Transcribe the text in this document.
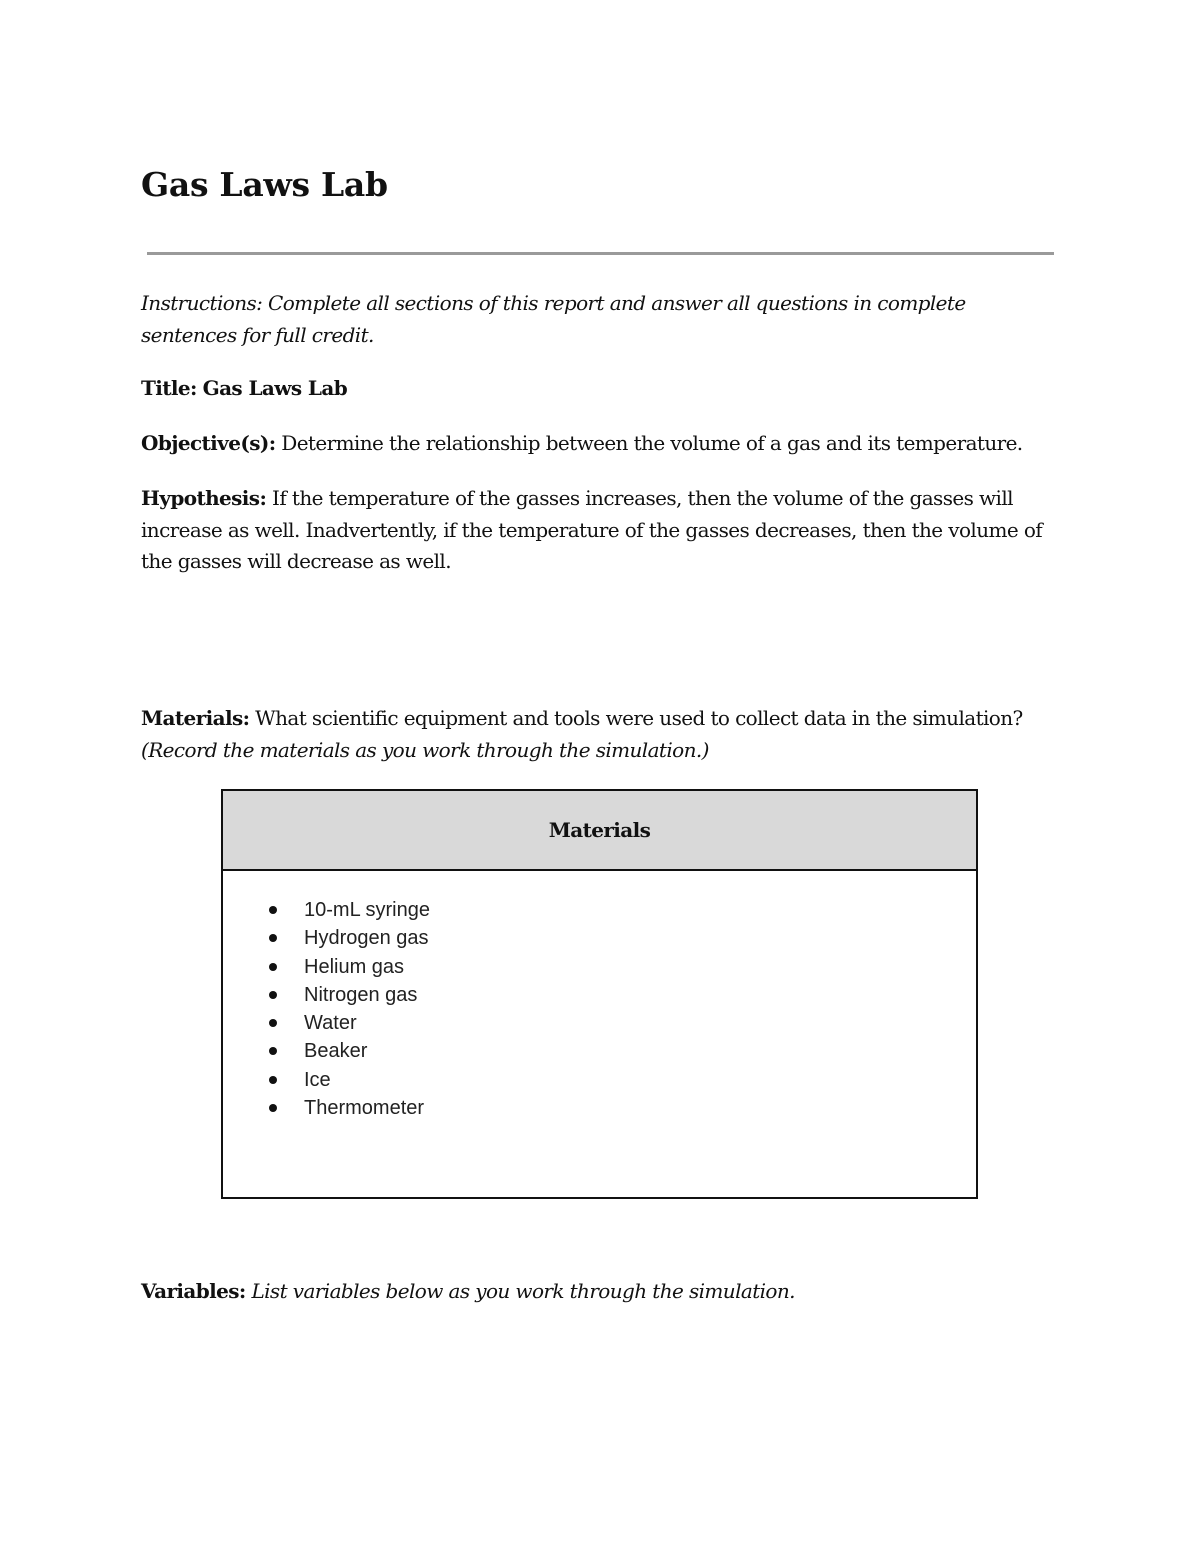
Gas Laws Lab

Instructions: Complete all sections of this report and answer all questions in complete sentences for full credit.

Title: Gas Laws Lab

Objective(s): Determine the relationship between the volume of a gas and its temperature.

Hypothesis: If the temperature of the gasses increases, then the volume of the gasses will increase as well. Inadvertently, if the temperature of the gasses decreases, then the volume of the gasses will decrease as well.

Materials: What scientific equipment and tools were used to collect data in the simulation?
(Record the materials as you work through the simulation.)

Materials
10-mL syringe
Hydrogen gas
Helium gas
Nitrogen gas
Water
Beaker
Ice
Thermometer

Variables: List variables below as you work through the simulation.
